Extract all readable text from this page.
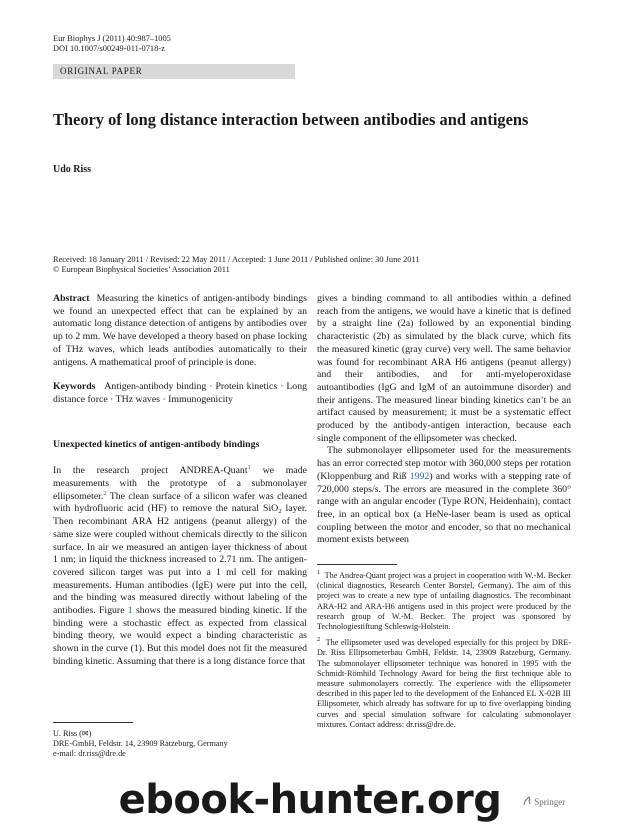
Eur Biophys J (2011) 40:987–1005
DOI 10.1007/s00249-011-0718-z
ORIGINAL PAPER
Theory of long distance interaction between antibodies and antigens
Udo Riss
Received: 18 January 2011 / Revised: 22 May 2011 / Accepted: 1 June 2011 / Published online: 30 June 2011
© European Biophysical Societies’ Association 2011

Abstract Measuring the kinetics of antigen-antibody bindings we found an unexpected effect that can be explained by an automatic long distance detection of antigens by antibodies over up to 2 mm. We have developed a theory based on phase locking of THz waves, which leads antibodies automatically to their antigens. A mathematical proof of principle is done.

Keywords Antigen-antibody binding · Protein kinetics · Long distance force · THz waves · Immunogenicity

Unexpected kinetics of antigen-antibody bindings

In the research project ANDREA-Quant$^1$ we made measurements with the prototype of a submonolayer ellipsometer.$^2$ The clean surface of a silicon wafer was cleaned with hydrofluoric acid (HF) to remove the natural SiO$_2$ layer. Then recombinant ARA H2 antigens (peanut allergy) of the same size were coupled without chemicals directly to the silicon surface. In air we measured an antigen layer thickness of about 1 nm; in liquid the thickness increased to 2.71 nm. The antigen-covered silicon target was put into a 1 ml cell for making measurements. Human antibodies (IgE) were put into the cell, and the binding was measured directly without labeling of the antibodies. Figure 1 shows the measured binding kinetic. If the binding were a stochastic effect as expected from classical binding theory, we would expect a binding characteristic as shown in the curve (1). But this model does not fit the measured binding kinetic. Assuming that there is a long distance force that

gives a binding command to all antibodies within a defined reach from the antigens, we would have a kinetic that is defined by a straight line (2a) followed by an exponential binding characteristic (2b) as simulated by the black curve, which fits the measured kinetic (gray curve) very well. The same behavior was found for recombinant ARA H6 antigens (peanut allergy) and their antibodies, and for anti-myeloperoxidase autoantibodies (IgG and IgM of an autoimmune disorder) and their antigens. The measured linear binding kinetics can’t be an artifact caused by measurement; it must be a systematic effect produced by the antibody-antigen interaction, because each single component of the ellipsometer was checked.

The submonolayer ellipsometer used for the measurements has an error corrected step motor with 360,000 steps per rotation (Kloppenburg and Riß 1992) and works with a stepping rate of 720,000 steps/s. The errors are measured in the complete 360° range with an angular encoder (Type RON, Heidenhain), contact free, in an optical box (a HeNe-laser beam is used as optical coupling between the motor and encoder, so that no mechanical moment exists between

$^1$ The Andrea-Quant project was a project in cooperation with W.-M. Becker (clinical diagnostics, Research Center Borstel, Germany). The aim of this project was to create a new type of unfailing diagnostics. The recombinant ARA-H2 and ARA-H6 antigens used in this project were produced by the research group of W.-M. Becker. The project was sponsored by Technologiestiftung Schleswig-Holstein.

$^2$ The ellipsometer used was developed especially for this project by DRE-Dr. Riss Ellipsometerbau GmbH, Feldstr. 14, 23909 Ratzeburg, Germany. The submonolayer ellipsometer technique was honored in 1995 with the Schmidt-Römhild Technology Award for being the first technique able to measure submonolayers correctly. The experience with the ellipsometer described in this paper led to the development of the Enhanced EL X-02B III Ellipsometer, which already has software for up to five overlapping binding curves and special simulation software for calculating submonolayer mixtures. Contact address: dr.riss@dre.de.

U. Riss (✉)
DRE-GmbH, Feldstr. 14, 23909 Ratzeburg, Germany
e-mail: dr.riss@dre.de
Springer
ebook-hunter.org
